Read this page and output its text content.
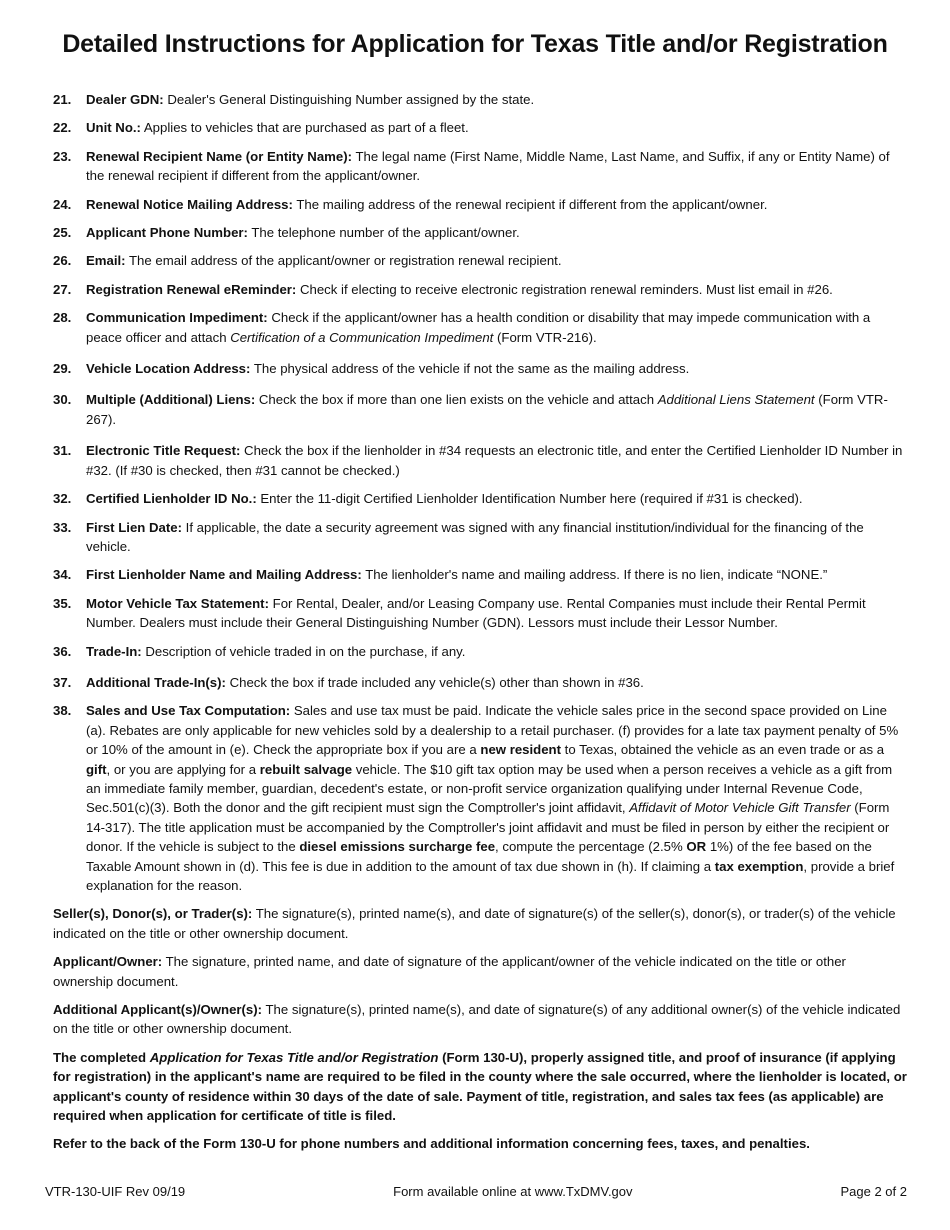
Detailed Instructions for Application for Texas Title and/or Registration
21.	Dealer GDN: Dealer's General Distinguishing Number assigned by the state.
22.	Unit No.: Applies to vehicles that are purchased as part of a fleet.
23.	Renewal Recipient Name (or Entity Name): The legal name (First Name, Middle Name, Last Name, and Suffix, if any or Entity Name) of the renewal recipient if different from the applicant/owner.
24.	Renewal Notice Mailing Address: The mailing address of the renewal recipient if different from the applicant/owner.
25.	Applicant Phone Number: The telephone number of the applicant/owner.
26.	Email: The email address of the applicant/owner or registration renewal recipient.
27.	Registration Renewal eReminder: Check if electing to receive electronic registration renewal reminders. Must list email in #26.
28.	Communication Impediment: Check if the applicant/owner has a health condition or disability that may impede communication with a peace officer and attach Certification of a Communication Impediment (Form VTR-216).
29.	Vehicle Location Address: The physical address of the vehicle if not the same as the mailing address.
30.	Multiple (Additional) Liens: Check the box if more than one lien exists on the vehicle and attach Additional Liens Statement (Form VTR-267).
31.	Electronic Title Request: Check the box if the lienholder in #34 requests an electronic title, and enter the Certified Lienholder ID Number in #32. (If #30 is checked, then #31 cannot be checked.)
32.	Certified Lienholder ID No.: Enter the 11-digit Certified Lienholder Identification Number here (required if #31 is checked).
33.	First Lien Date: If applicable, the date a security agreement was signed with any financial institution/individual for the financing of the vehicle.
34.	First Lienholder Name and Mailing Address: The lienholder's name and mailing address. If there is no lien, indicate “NONE.”
35.	Motor Vehicle Tax Statement: For Rental, Dealer, and/or Leasing Company use. Rental Companies must include their Rental Permit Number. Dealers must include their General Distinguishing Number (GDN). Lessors must include their Lessor Number.
36.	Trade-In: Description of vehicle traded in on the purchase, if any.
37.	Additional Trade-In(s): Check the box if trade included any vehicle(s) other than shown in #36.
38.	Sales and Use Tax Computation: Sales and use tax must be paid. Indicate the vehicle sales price in the second space provided on Line (a). Rebates are only applicable for new vehicles sold by a dealership to a retail purchaser. (f) provides for a late tax payment penalty of 5% or 10% of the amount in (e). Check the appropriate box if you are a new resident to Texas, obtained the vehicle as an even trade or as a gift, or you are applying for a rebuilt salvage vehicle. The $10 gift tax option may be used when a person receives a vehicle as a gift from an immediate family member, guardian, decedent's estate, or non-profit service organization qualifying under Internal Revenue Code, Sec.501(c)(3). Both the donor and the gift recipient must sign the Comptroller's joint affidavit, Affidavit of Motor Vehicle Gift Transfer (Form 14-317). The title application must be accompanied by the Comptroller's joint affidavit and must be filed in person by either the recipient or donor. If the vehicle is subject to the diesel emissions surcharge fee, compute the percentage (2.5% OR 1%) of the fee based on the Taxable Amount shown in (d). This fee is due in addition to the amount of tax due shown in (h). If claiming a tax exemption, provide a brief explanation for the reason.
Seller(s), Donor(s), or Trader(s): The signature(s), printed name(s), and date of signature(s) of the seller(s), donor(s), or trader(s) of the vehicle indicated on the title or other ownership document.
Applicant/Owner: The signature, printed name, and date of signature of the applicant/owner of the vehicle indicated on the title or other ownership document.
Additional Applicant(s)/Owner(s): The signature(s), printed name(s), and date of signature(s) of any additional owner(s) of the vehicle indicated on the title or other ownership document.
The completed Application for Texas Title and/or Registration (Form 130-U), properly assigned title, and proof of insurance (if applying for registration) in the applicant's name are required to be filed in the county where the sale occurred, where the lienholder is located, or applicant's county of residence within 30 days of the date of sale. Payment of title, registration, and sales tax fees (as applicable) are required when application for certificate of title is filed.
Refer to the back of the Form 130-U for phone numbers and additional information concerning fees, taxes, and penalties.
VTR-130-UIF Rev 09/19	Form available online at www.TxDMV.gov	Page 2 of 2
